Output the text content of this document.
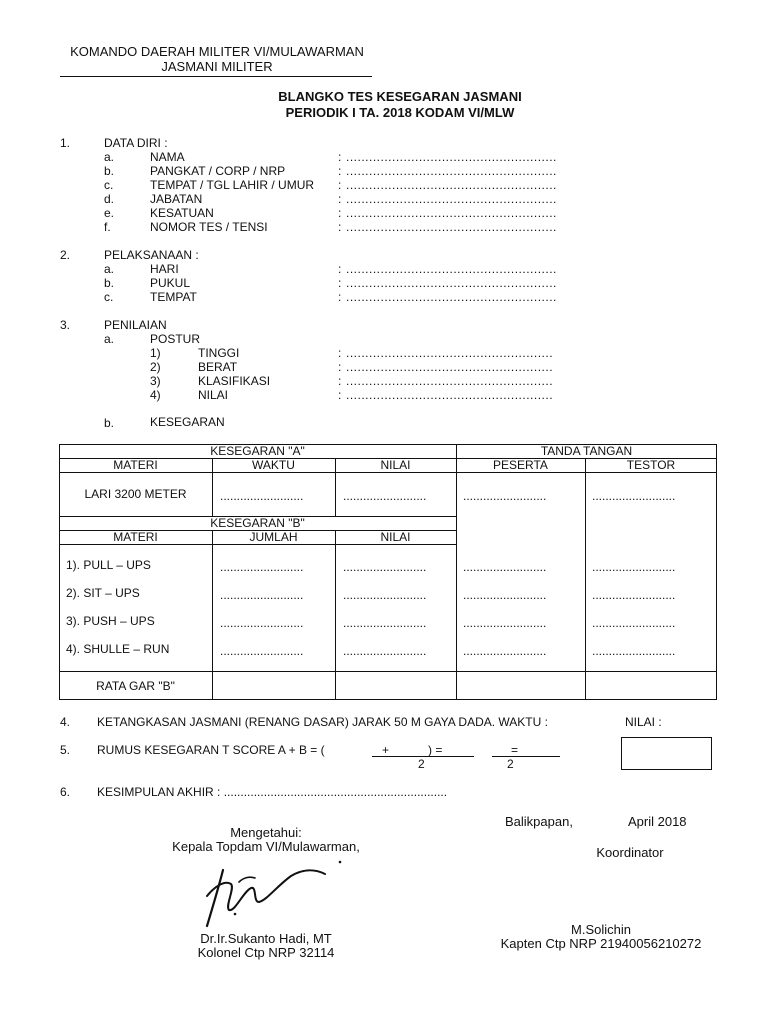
KOMANDO DAERAH MILITER VI/MULAWARMAN
JASMANI MILITER
BLANGKO TES KESEGARAN JASMANI
PERIODIK I TA. 2018 KODAM VI/MLW
1.	DATA DIRI :
a.	NAMA	: .......................................................
b.	PANGKAT / CORP / NRP	: .......................................................
c.	TEMPAT / TGL LAHIR / UMUR : .......................................................
d.	JABATAN	: .......................................................
e.	KESATUAN	: .......................................................
f.	NOMOR TES / TENSI	: .......................................................
2.	PELAKSANAAN :
a.	HARI	: .......................................................
b.	PUKUL	: .......................................................
c.	TEMPAT	: .......................................................
3.	PENILAIAN
a.	POSTUR
1)	TINGGI	: ......................................................
2)	BERAT	: ......................................................
3)	KLASIFIKASI	: ......................................................
4)	NILAI	: ......................................................
b.	KESEGARAN
KESEGARAN "A"	TANDA TANGAN
MATERI	WAKTU	NILAI	PESERTA	TESTOR
LARI 3200 METER	.........................	.........................	.........................	.........................
KESEGARAN "B"
MATERI	JUMLAH	NILAI
1). PULL – UPS	.........................	.........................	.........................	.........................
2). SIT – UPS	.........................	.........................	.........................	.........................
3). PUSH – UPS	.........................	.........................	.........................	.........................
4). SHULLE – RUN	.........................	.........................	.........................	.........................
RATA GAR "B"
4. KETANGKASAN JASMANI (RENANG DASAR) JARAK 50 M GAYA DADA. WAKTU :	NILAI :
5. RUMUS KESEGARAN T SCORE A + B = (	+	) =	=
2	2
6. KESIMPULAN AKHIR : ...................................................................
Balikpapan,	April 2018
Mengetahui:
Kepala Topdam VI/Mulawarman,	Koordinator
Dr.Ir.Sukanto Hadi, MT
Kolonel Ctp NRP 32114
M.Solichin
Kapten Ctp NRP 21940056210272
